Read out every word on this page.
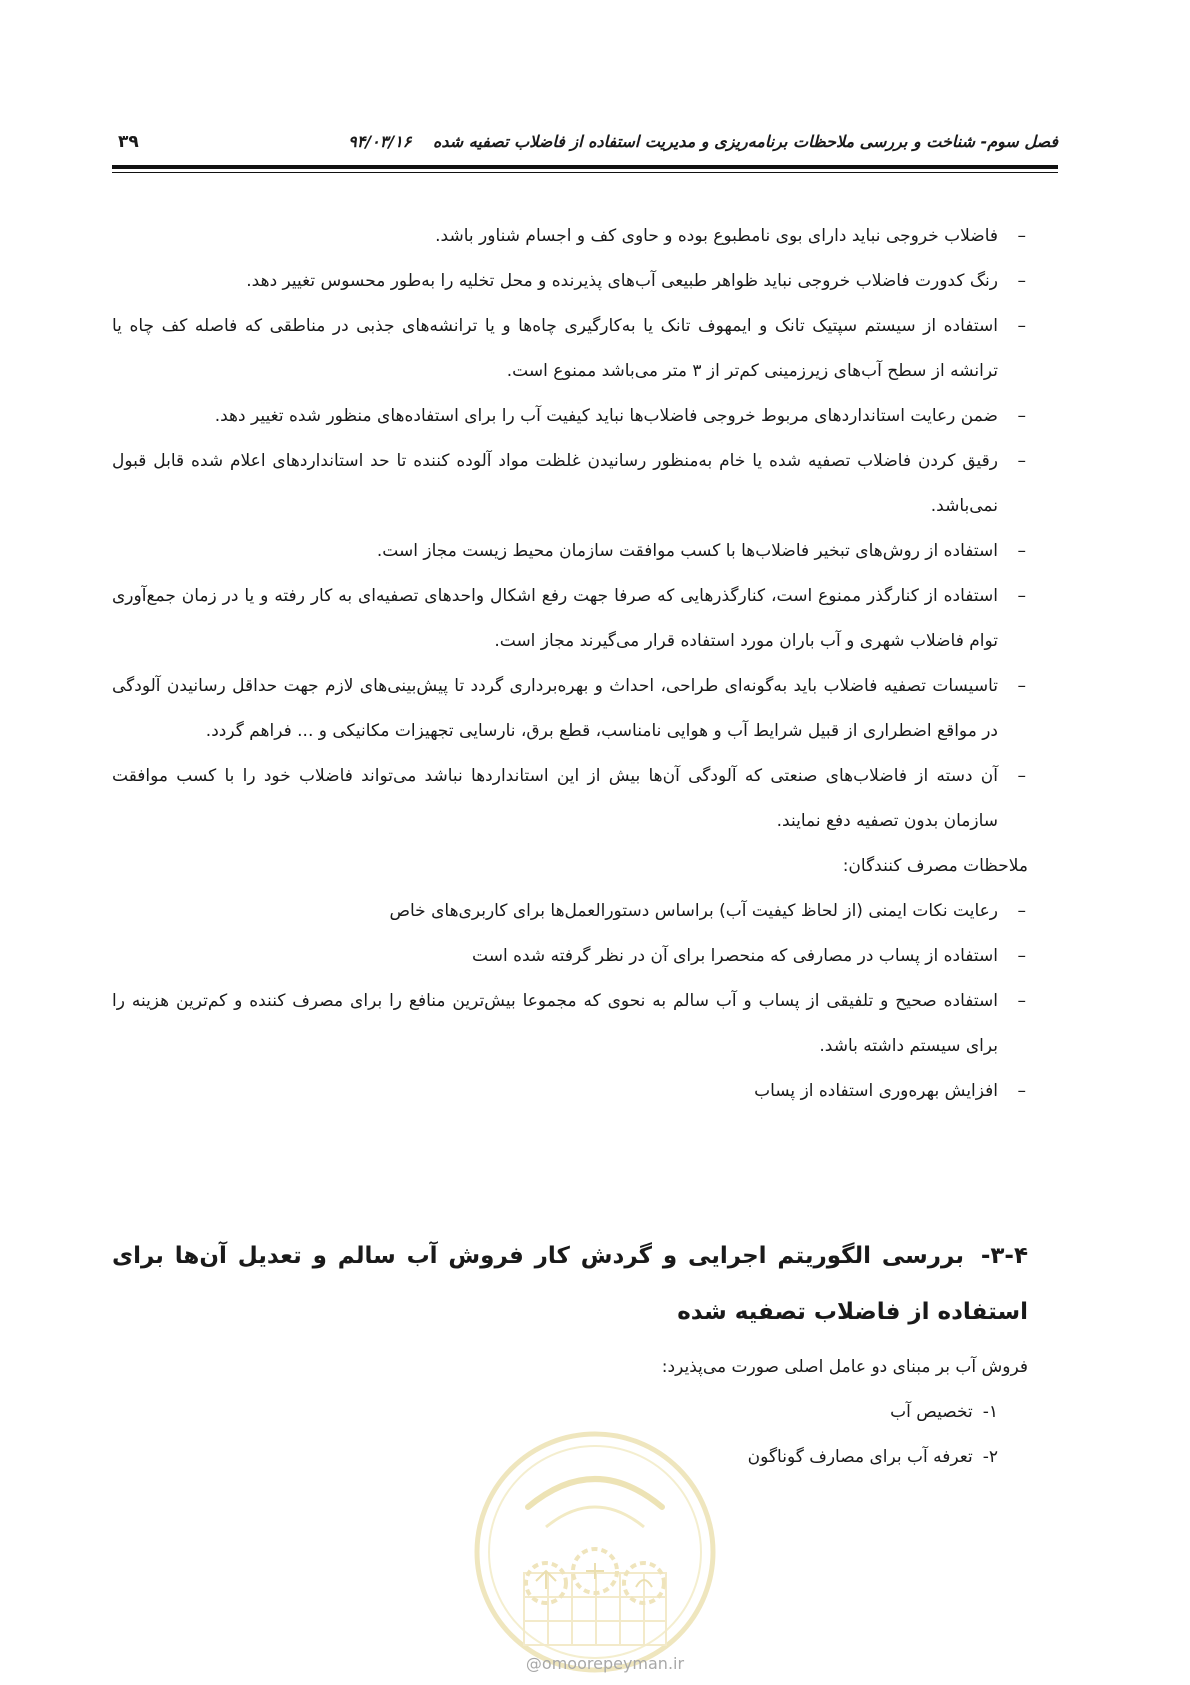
فصل سوم- شناخت و بررسی ملاحظات برنامه‌ریزی و مدیریت استفاده از فاضلاب تصفیه شده ۹۴/۰۳/۱۶
۳۹
– فاضلاب خروجی نباید دارای بوی نامطبوع بوده و حاوی کف و اجسام شناور باشد.
– رنگ کدورت فاضلاب خروجی نباید ظواهر طبیعی آب‌های پذیرنده و محل تخلیه را به‌طور محسوس تغییر دهد.
– استفاده از سیستم سپتیک تانک و ایمهوف تانک یا به‌کارگیری چاه‌ها و یا ترانشه‌های جذبی در مناطقی که فاصله کف چاه یا ترانشه از سطح آب‌های زیرزمینی کم‌تر از ۳ متر می‌باشد ممنوع است.
– ضمن رعایت استانداردهای مربوط خروجی فاضلاب‌ها نباید کیفیت آب را برای استفاده‌های منظور شده تغییر دهد.
– رقیق کردن فاضلاب تصفیه شده یا خام به‌منظور رسانیدن غلظت مواد آلوده کننده تا حد استانداردهای اعلام شده قابل قبول نمی‌باشد.
– استفاده از روش‌های تبخیر فاضلاب‌ها با کسب موافقت سازمان محیط زیست مجاز است.
– استفاده از کنارگذر ممنوع است، کنارگذرهایی که صرفا جهت رفع اشکال واحدهای تصفیه‌ای به کار رفته و یا در زمان جمع‌آوری توام فاضلاب شهری و آب باران مورد استفاده قرار می‌گیرند مجاز است.
– تاسیسات تصفیه فاضلاب باید به‌گونه‌ای طراحی، احداث و بهره‌برداری گردد تا پیش‌بینی‌های لازم جهت حداقل رسانیدن آلودگی در مواقع اضطراری از قبیل شرایط آب و هوایی نامناسب، قطع برق، نارسایی تجهیزات مکانیکی و ... فراهم گردد.
– آن دسته از فاضلاب‌های صنعتی که آلودگی آن‌ها بیش از این استانداردها نباشد می‌تواند فاضلاب خود را با کسب موافقت سازمان بدون تصفیه دفع نمایند.

ملاحظات مصرف کنندگان:

– رعایت نکات ایمنی (از لحاظ کیفیت آب) براساس دستورالعمل‌ها برای کاربری‌های خاص
– استفاده از پساب در مصارفی که منحصرا برای آن در نظر گرفته شده است
– استفاده صحیح و تلفیقی از پساب و آب سالم به نحوی که مجموعا بیش‌ترین منافع را برای مصرف کننده و کم‌ترین هزینه را برای سیستم داشته باشد.
– افزایش بهره‌وری استفاده از پساب
۳-۴- بررسی الگوریتم اجرایی و گردش کار فروش آب سالم و تعدیل آن‌ها برای استفاده از فاضلاب تصفیه شده
فروش آب بر مبنای دو عامل اصلی صورت می‌پذیرد:
۱-تخصیص آب
۲-تعرفه آب برای مصارف گوناگون
@omoorepeyman.ir
